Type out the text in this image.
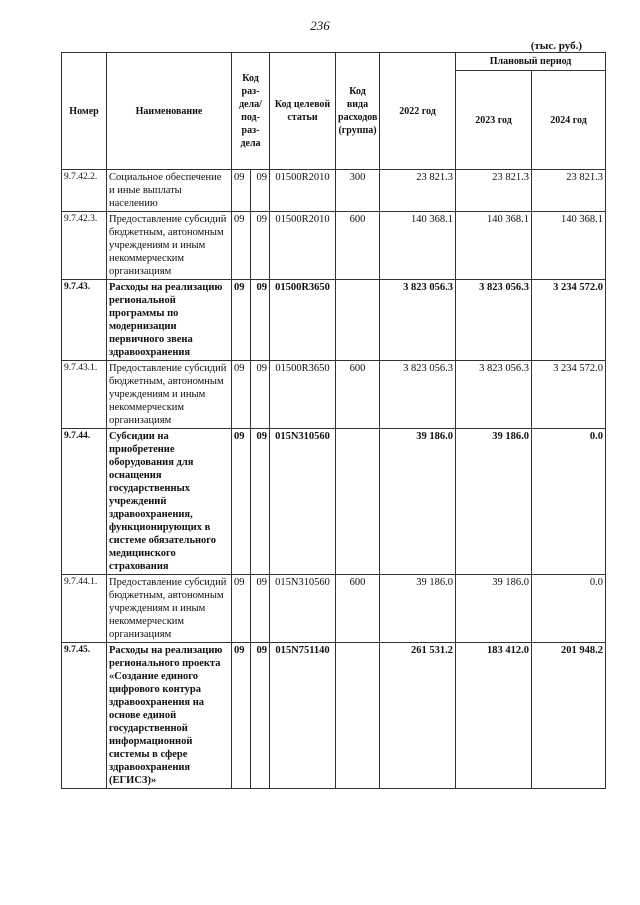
236
(тыс. руб.)
Номер	Наименование	Код раз-дела/ под-раз-дела		Код целевой статьи	Код вида расходов (группа)	2022 год	Плановый период	
							2023 год	2024 год
9.7.42.2.	Социальное обеспечение и иные выплаты населению	09	09	01500R2010	300	23 821.3	23 821.3	23 821.3
9.7.42.3.	Предоставление субсидий бюджетным, автономным учреждениям и иным некоммерческим организациям	09	09	01500R2010	600	140 368.1	140 368.1	140 368.1
9.7.43.	Расходы на реализацию региональной программы по модернизации первичного звена здравоохранения	09	09	01500R3650		3 823 056.3	3 823 056.3	3 234 572.0
9.7.43.1.	Предоставление субсидий бюджетным, автономным учреждениям и иным некоммерческим организациям	09	09	01500R3650	600	3 823 056.3	3 823 056.3	3 234 572.0
9.7.44.	Субсидии на приобретение оборудования для оснащения государственных учреждений здравоохранения, функционирующих в системе обязательного медицинского страхования	09	09	015N310560		39 186.0	39 186.0	0.0
9.7.44.1.	Предоставление субсидий бюджетным, автономным учреждениям и иным некоммерческим организациям	09	09	015N310560	600	39 186.0	39 186.0	0.0
9.7.45.	Расходы на реализацию регионального проекта «Создание единого цифрового контура здравоохранения на основе единой государственной информационной системы в сфере здравоохранения (ЕГИСЗ)»	09	09	015N751140		261 531.2	183 412.0	201 948.2
